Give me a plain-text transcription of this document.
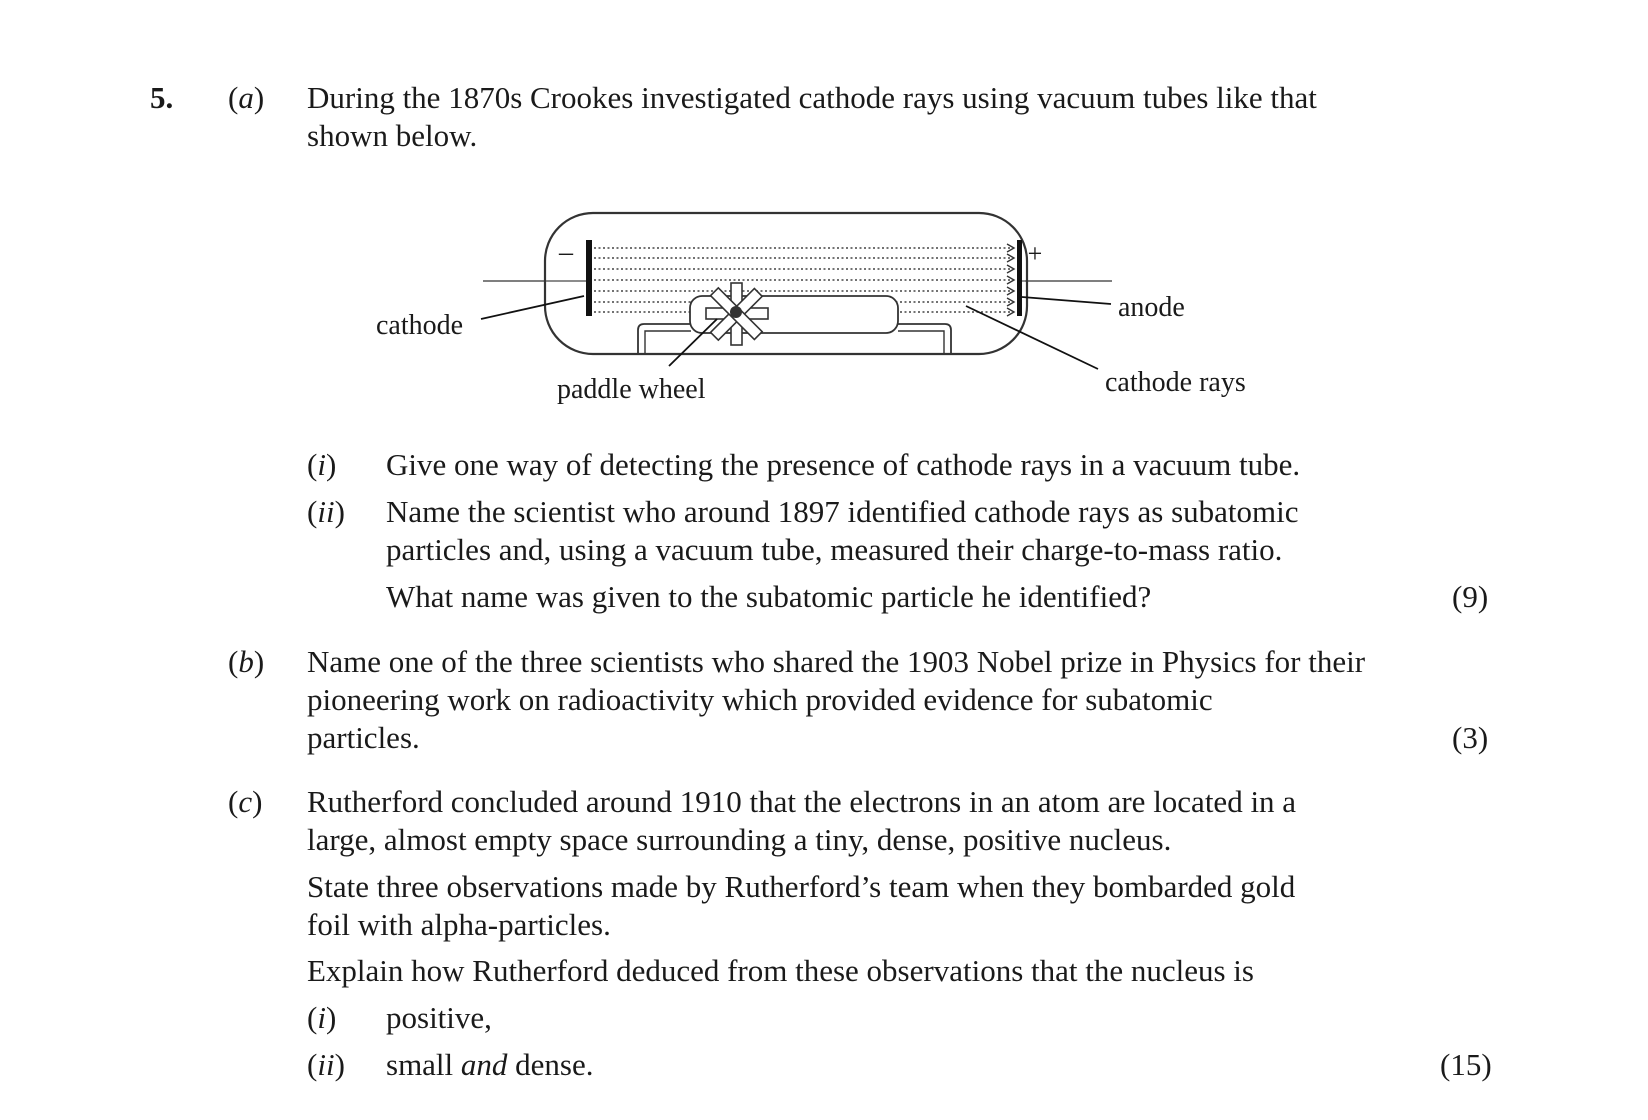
5. (a) During the 1870s Crookes investigated cathode rays using vacuum tubes like that
shown below.
–	+
cathode
anode
paddle wheel	cathode rays
(i) Give one way of detecting the presence of cathode rays in a vacuum tube.
(ii) Name the scientist who around 1897 identified cathode rays as subatomic
particles and, using a vacuum tube, measured their charge-to-mass ratio.
What name was given to the subatomic particle he identified?	(9)
(b) Name one of the three scientists who shared the 1903 Nobel prize in Physics for their
pioneering work on radioactivity which provided evidence for subatomic
particles.	(3)
(c) Rutherford concluded around 1910 that the electrons in an atom are located in a
large, almost empty space surrounding a tiny, dense, positive nucleus.
State three observations made by Rutherford’s team when they bombarded gold
foil with alpha-particles.
Explain how Rutherford deduced from these observations that the nucleus is
(i) positive,
(ii) small and dense.	(15)
